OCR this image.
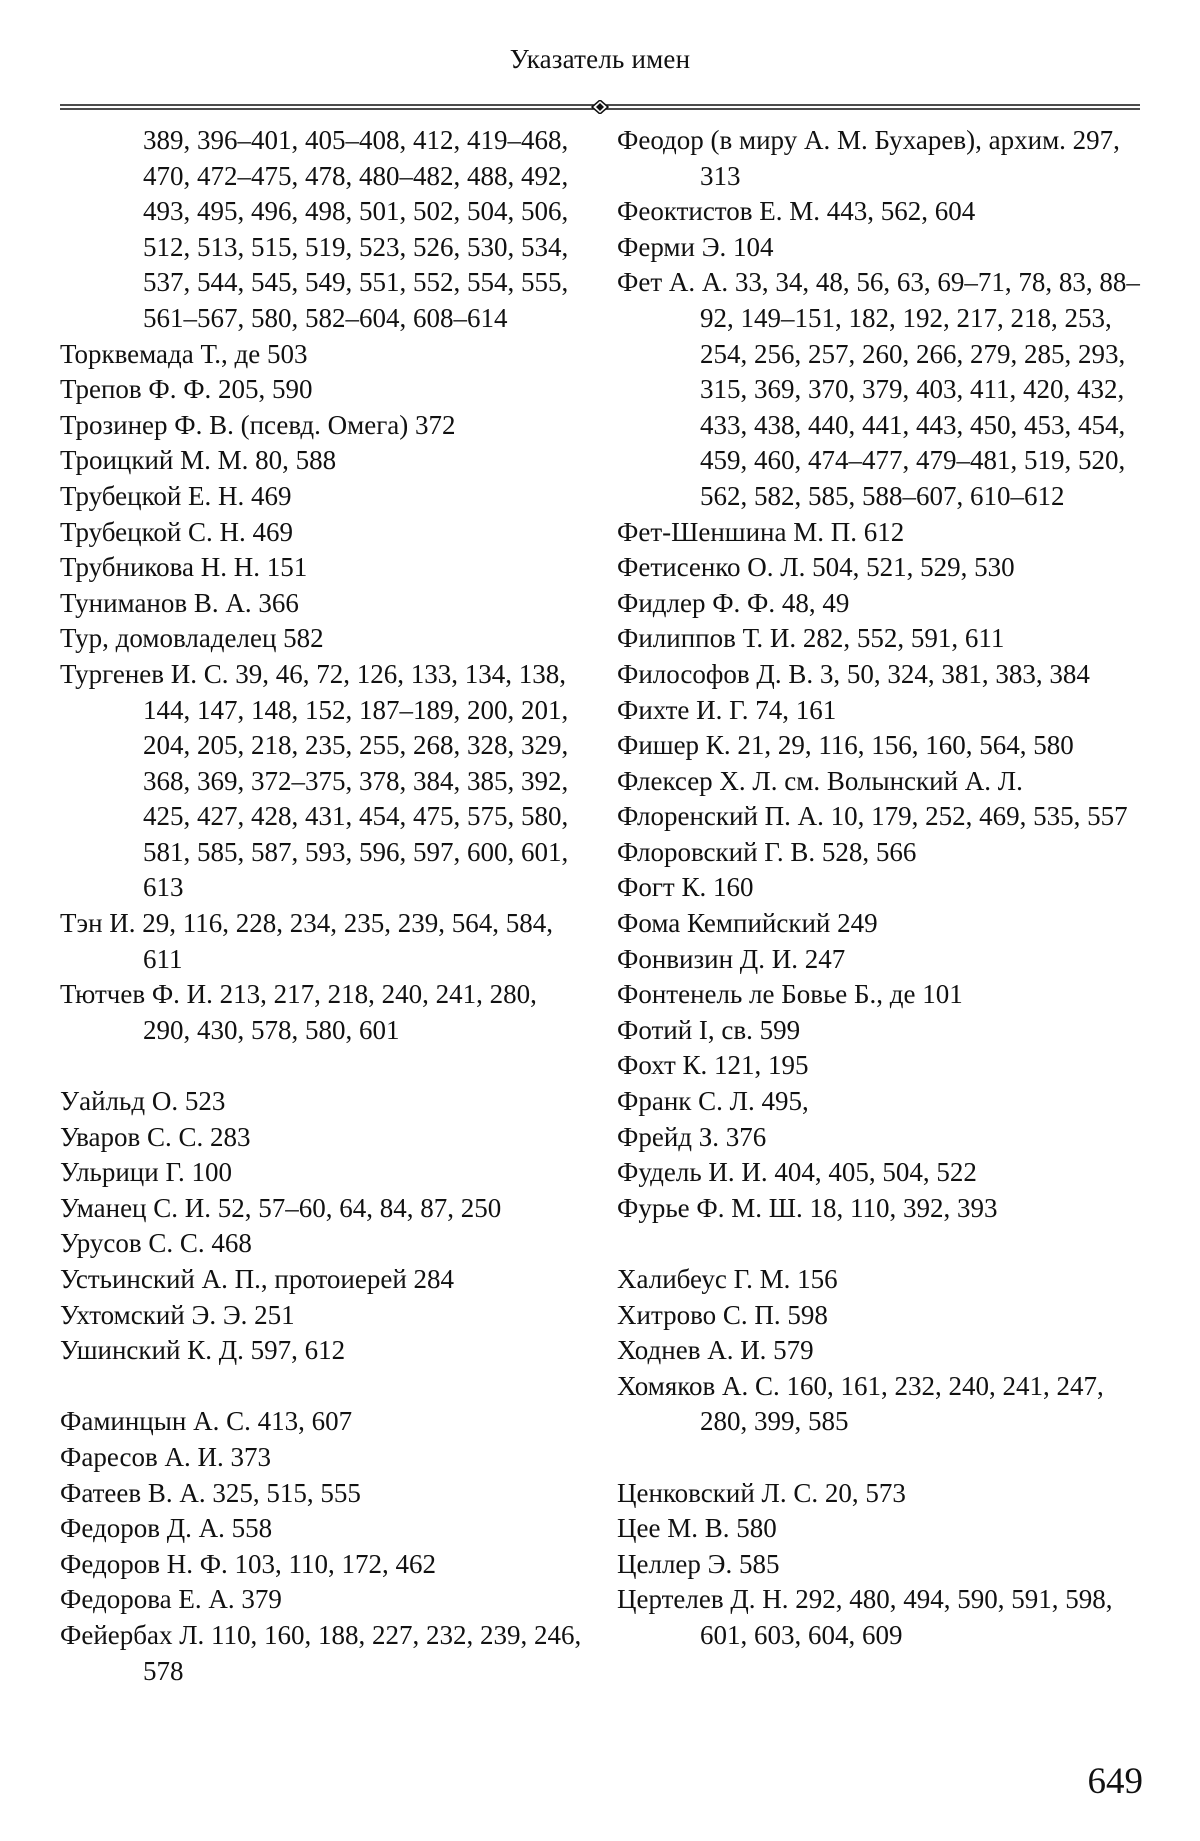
Указатель имен

389, 396–401, 405–408, 412, 419–468, 470, 472–475, 478, 480–482, 488, 492, 493, 495, 496, 498, 501, 502, 504, 506, 512, 513, 515, 519, 523, 526, 530, 534, 537, 544, 545, 549, 551, 552, 554, 555, 561–567, 580, 582–604, 608–614

Торквемада Т., де 503

Трепов Ф. Ф. 205, 590

Трозинер Ф. В. (псевд. Омега) 372

Троицкий М. М. 80, 588

Трубецкой Е. Н. 469

Трубецкой С. Н. 469

Трубникова Н. Н. 151

Туниманов В. А. 366

Тур, домовладелец 582

Тургенев И. С. 39, 46, 72, 126, 133, 134, 138, 144, 147, 148, 152, 187–189, 200, 201, 204, 205, 218, 235, 255, 268, 328, 329, 368, 369, 372–375, 378, 384, 385, 392, 425, 427, 428, 431, 454, 475, 575, 580, 581, 585, 587, 593, 596, 597, 600, 601, 613

Тэн И. 29, 116, 228, 234, 235, 239, 564, 584, 611

Тютчев Ф. И. 213, 217, 218, 240, 241, 280, 290, 430, 578, 580, 601

Уайльд О. 523

Уваров С. С. 283

Ульрици Г. 100

Уманец С. И. 52, 57–60, 64, 84, 87, 250

Урусов С. С. 468

Устьинский А. П., протоиерей 284

Ухтомский Э. Э. 251

Ушинский К. Д. 597, 612

Фаминцын А. С. 413, 607

Фаресов А. И. 373

Фатеев В. А. 325, 515, 555

Федоров Д. А. 558

Федоров Н. Ф. 103, 110, 172, 462

Федорова Е. А. 379

Фейербах Л. 110, 160, 188, 227, 232, 239, 246, 578

Феодор (в миру А. М. Бухарев), архим. 297, 313

Феоктистов Е. М. 443, 562, 604

Ферми Э. 104

Фет А. А. 33, 34, 48, 56, 63, 69–71, 78, 83, 88–92, 149–151, 182, 192, 217, 218, 253, 254, 256, 257, 260, 266, 279, 285, 293, 315, 369, 370, 379, 403, 411, 420, 432, 433, 438, 440, 441, 443, 450, 453, 454, 459, 460, 474–477, 479–481, 519, 520, 562, 582, 585, 588–607, 610–612

Фет-Шеншина М. П. 612

Фетисенко О. Л. 504, 521, 529, 530

Фидлер Ф. Ф. 48, 49

Филиппов Т. И. 282, 552, 591, 611

Философов Д. В. 3, 50, 324, 381, 383, 384

Фихте И. Г. 74, 161

Фишер К. 21, 29, 116, 156, 160, 564, 580

Флексер Х. Л. см. Волынский А. Л.

Флоренский П. А. 10, 179, 252, 469, 535, 557

Флоровский Г. В. 528, 566

Фогт К. 160

Фома Кемпийский 249

Фонвизин Д. И. 247

Фонтенель ле Бовье Б., де 101

Фотий I, св. 599

Фохт К. 121, 195

Франк С. Л. 495,

Фрейд З. 376

Фудель И. И. 404, 405, 504, 522

Фурье Ф. М. Ш. 18, 110, 392, 393

Халибеус Г. М. 156

Хитрово С. П. 598

Ходнев А. И. 579

Хомяков А. С. 160, 161, 232, 240, 241, 247, 280, 399, 585

Ценковский Л. С. 20, 573

Цее М. В. 580

Целлер Э. 585

Цертелев Д. Н. 292, 480, 494, 590, 591, 598, 601, 603, 604, 609

649
